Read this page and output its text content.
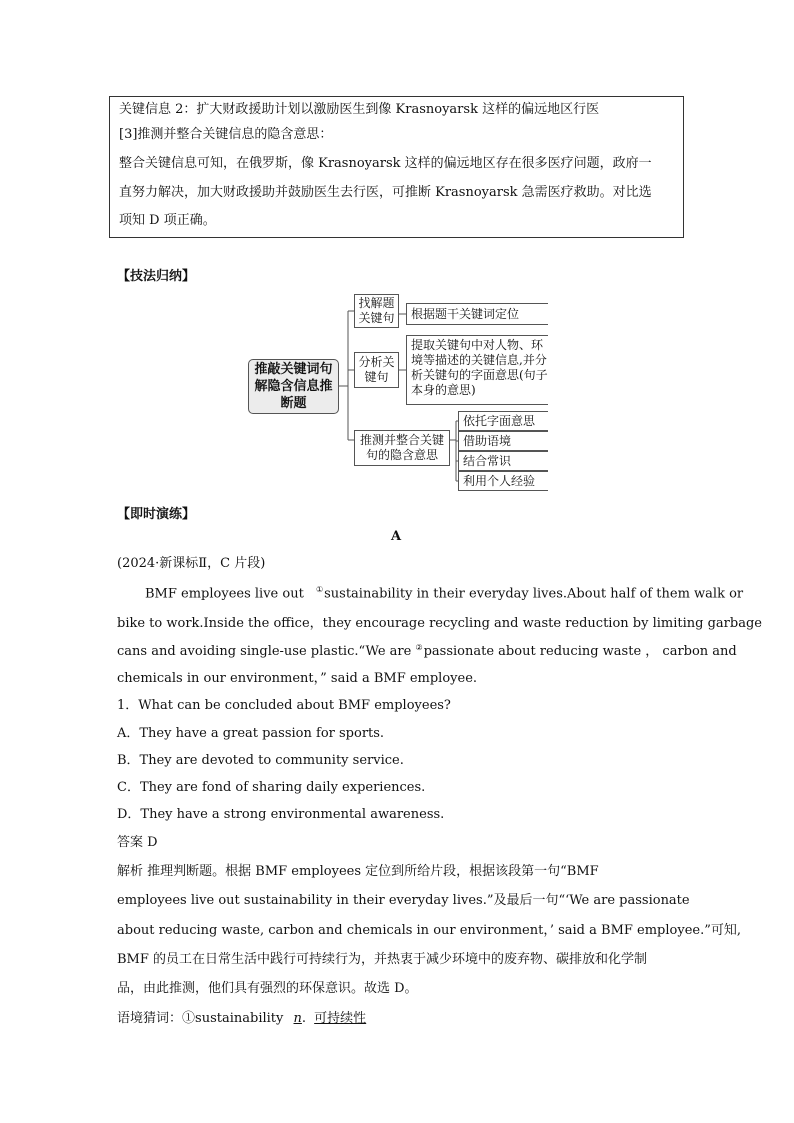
关键信息 2：扩大财政援助计划以激励医生到像 Krasnoyarsk 这样的偏远地区行医
[3]推测并整合关键信息的隐含意思：
整合关键信息可知，在俄罗斯，像 Krasnoyarsk 这样的偏远地区存在很多医疗问题，政府一
直努力解决，加大财政援助并鼓励医生去行医，可推断 Krasnoyarsk 急需医疗救助。对比选
项知 D 项正确。
【技法归纳】
推敲关键词句解隐含信息推断题
找解题关键句	根据题干关键词定位
分析关键句
提取关键句中对人物、环境等描述的关键信息,并分析关键句的字面意思(句子本身的意思)
推测并整合关键句的隐含意思
依托字面意思
借助语境
结合常识
利用个人经验
【即时演练】
A
(2024·新课标Ⅱ，C 片段)
BMF employees live out ①sustainability in their everyday lives.About half of them walk or
bike to work.Inside the office，they encourage recycling and waste reduction by limiting garbage
cans and avoiding single-use plastic.“We are ②passionate about reducing waste ， carbon and
chemicals in our environment，” said a BMF employee.
1．What can be concluded about BMF employees?
A．They have a great passion for sports.
B．They are devoted to community service.
C．They are fond of sharing daily experiences.
D．They have a strong environmental awareness.
答案 D
解析 推理判断题。根据 BMF employees 定位到所给片段，根据该段第一句“BMF
employees live out sustainability in their everyday lives.”及最后一句“‘We are passionate
about reducing waste, carbon and chemicals in our environment，’ said a BMF employee.”可知,
BMF 的员工在日常生活中践行可持续行为，并热衷于减少环境中的废弃物、碳排放和化学制
品，由此推测，他们具有强烈的环保意识。故选 D。
语境猜词：①sustainability n. 可持续性
